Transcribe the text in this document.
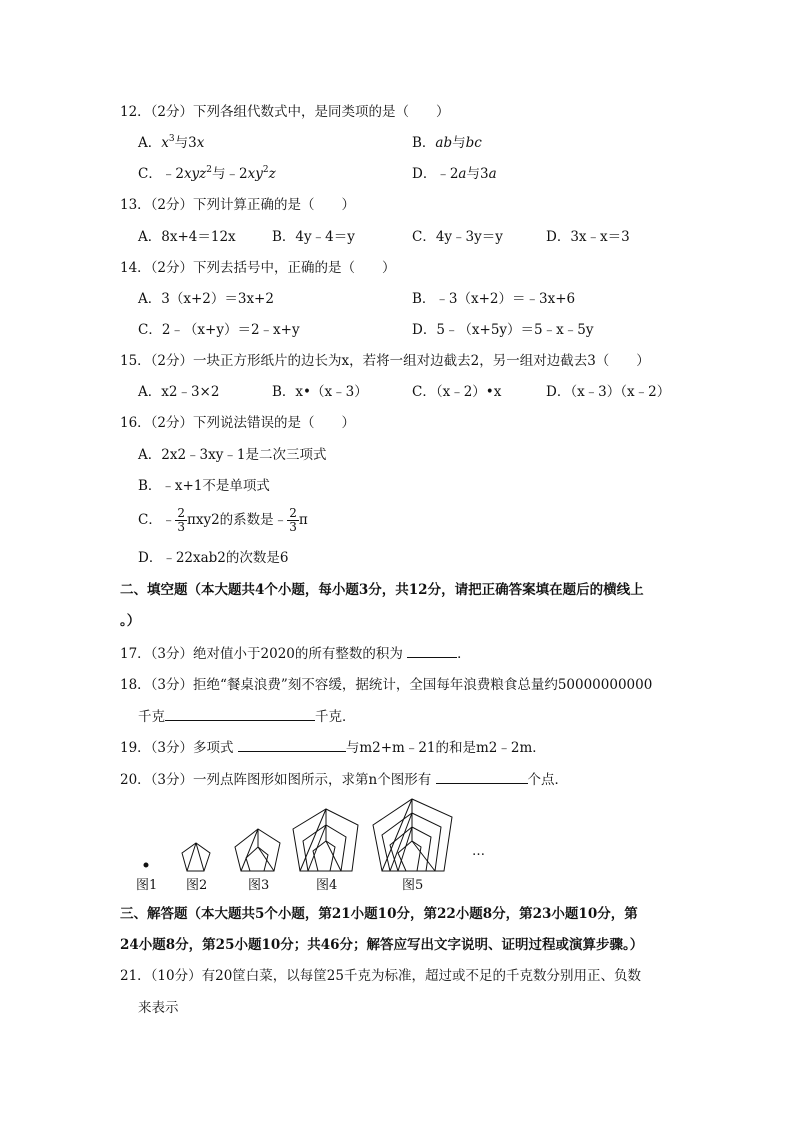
12．（2分）下列各组代数式中，是同类项的是（　　）
A．$x^3$与3x	B．ab与bc
C．﹣2xyz$^2$与$﹣2xy^2z$	D．﹣2a与3a
13．（2分）下列计算正确的是（　　）
A．8x+4＝12x	B．4y﹣4＝y	C．4y﹣3y＝y	D．3x﹣x＝3
14．（2分）下列去括号中，正确的是（　　）
A．3（x+2）＝3x+2	B．﹣3（x+2）＝﹣3x+6
C．2﹣（x+y）＝2﹣x+y	D．5﹣（x+5y）＝5﹣x﹣5y
15．（2分）一块正方形纸片的边长为x，若将一组对边截去2，另一组对边截去3（　　）
A．x2﹣3×2	B．x•（x﹣3）	C．（x﹣2）•x	D．（x﹣3）（x﹣2）
16．（2分）下列说法错误的是（　　）
A．2x2﹣3xy﹣1是二次三项式
B．﹣x+1不是单项式
C．﹣ $\frac{2}{3} \pi xy2$的系数是﹣ $\frac{2}{3}$ π
D．﹣22xab2的次数是6
二、填空题（本大题共4个小题，每小题3分，共12分，请把正确答案填在题后的横线上
。）
17．（3分）绝对值小于2020的所有整数的积为	．
18．（3分）拒绝“餐桌浪费”刻不容缓，据统计，全国每年浪费粮食总量约50000000000
千克	千克．
19．（3分）多项式	与m2+m﹣21的和是m2﹣2m．
20．（3分）一列点阵图形如图所示，求第n个图形有	个点．
…
图1 图2	图3	图4	图5
三、解答题（本大题共5个小题，第21小题10分，第22小题8分，第23小题10分，第
24小题8分，第25小题10分；共46分；解答应写出文字说明、证明过程或演算步骤。）
21．（10分）有20筐白菜，以每筐25千克为标准，超过或不足的千克数分别用正、负数
来表示
